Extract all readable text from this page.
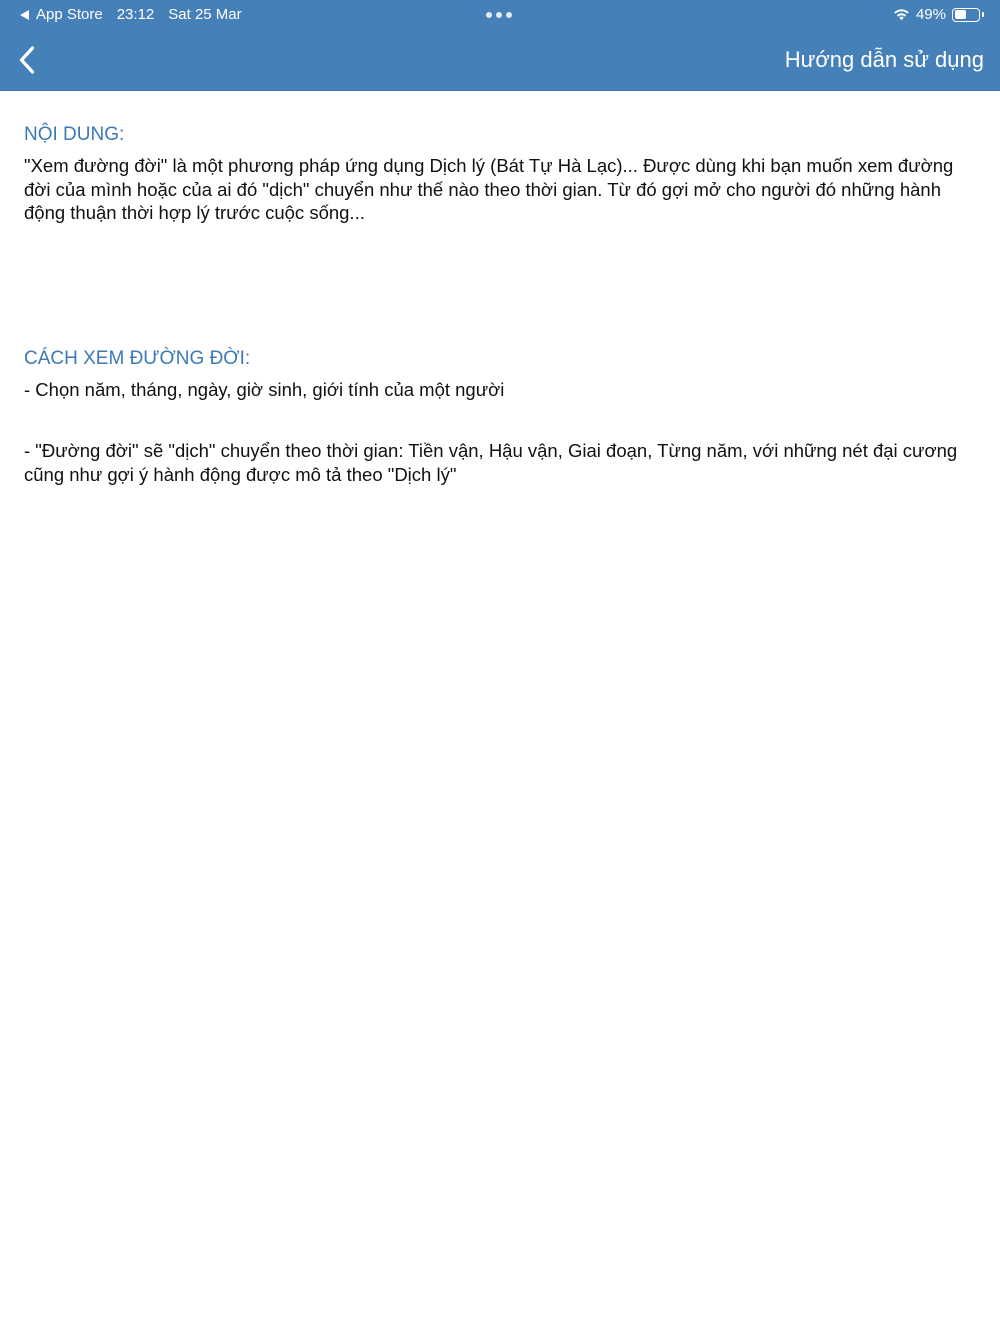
App Store 23:12 Sat 25 Mar	49%
Hướng dẫn sử dụng
NỘI DUNG:
"Xem đường đời" là một phương pháp ứng dụng Dịch lý (Bát Tự Hà Lạc)... Được dùng khi bạn muốn xem đường đời của mình hoặc của ai đó "dịch" chuyển như thế nào theo thời gian. Từ đó gợi mở cho người đó những hành động thuận thời hợp lý trước cuộc sống...
CÁCH XEM ĐƯỜNG ĐỜI:
- Chọn năm, tháng, ngày, giờ sinh, giới tính của một người
- "Đường đời" sẽ "dịch" chuyển theo thời gian: Tiền vận, Hậu vận, Giai đoạn, Từng năm, với những nét đại cương cũng như gợi ý hành động được mô tả theo "Dịch lý"
